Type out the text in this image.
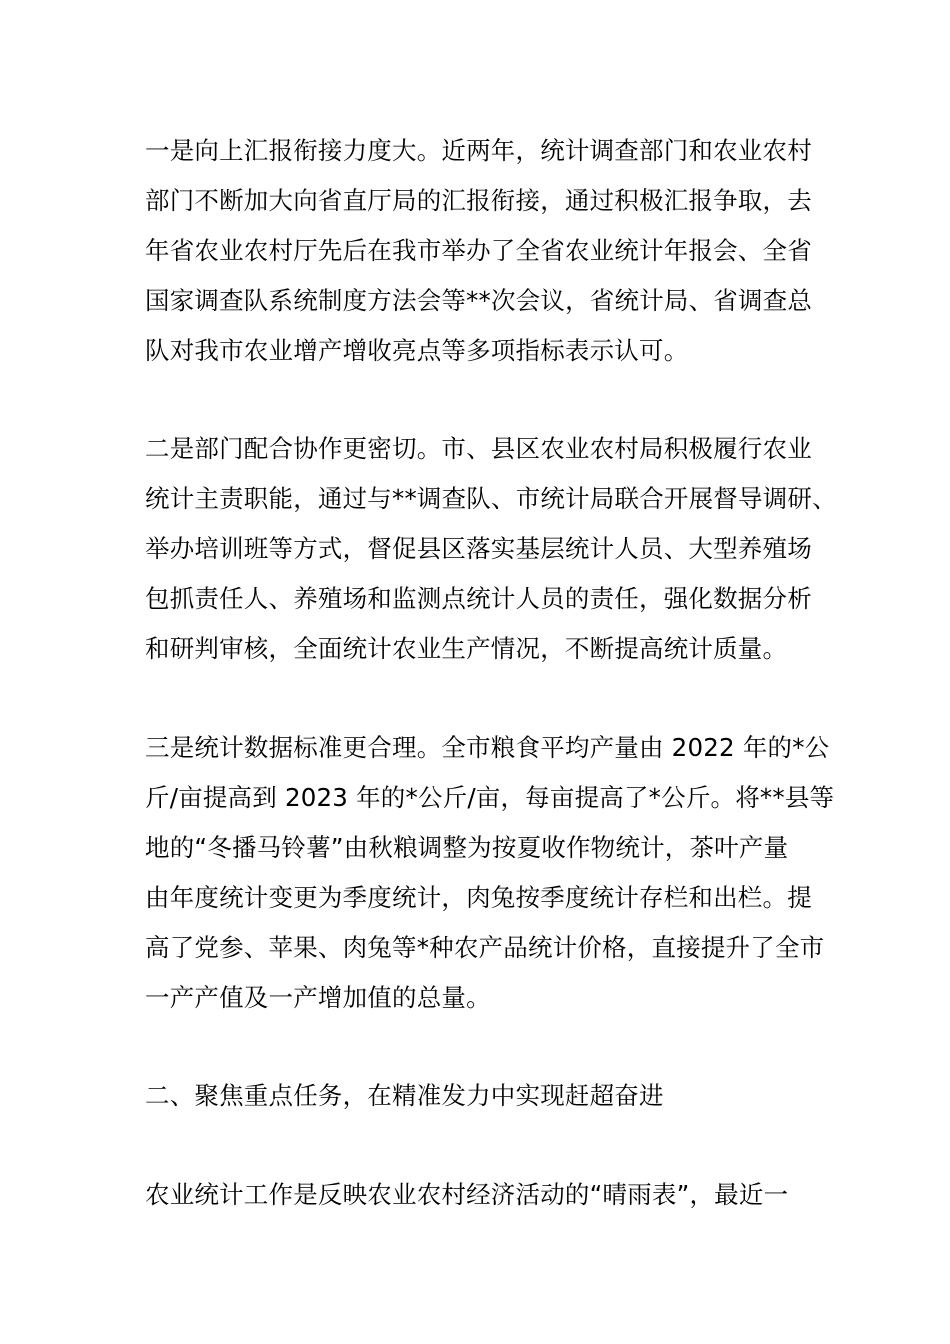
一是向上汇报衔接力度大。近两年，统计调查部门和农业农村
部门不断加大向省直厅局的汇报衔接，通过积极汇报争取，去
年省农业农村厅先后在我市举办了全省农业统计年报会、全省
国家调查队系统制度方法会等**次会议，省统计局、省调查总
队对我市农业增产增收亮点等多项指标表示认可。
二是部门配合协作更密切。市、县区农业农村局积极履行农业
统计主责职能，通过与**调查队、市统计局联合开展督导调研、
举办培训班等方式，督促县区落实基层统计人员、大型养殖场
包抓责任人、养殖场和监测点统计人员的责任，强化数据分析
和研判审核，全面统计农业生产情况，不断提高统计质量。
三是统计数据标准更合理。全市粮食平均产量由 2022 年的*公
斤/亩提高到 2023 年的*公斤/亩，每亩提高了*公斤。将**县等
地的“冬播马铃薯”由秋粮调整为按夏收作物统计，茶叶产量
由年度统计变更为季度统计，肉兔按季度统计存栏和出栏。提
高了党参、苹果、肉兔等*种农产品统计价格，直接提升了全市
一产产值及一产增加值的总量。
二、聚焦重点任务，在精准发力中实现赶超奋进
农业统计工作是反映农业农村经济活动的“晴雨表”，最近一
